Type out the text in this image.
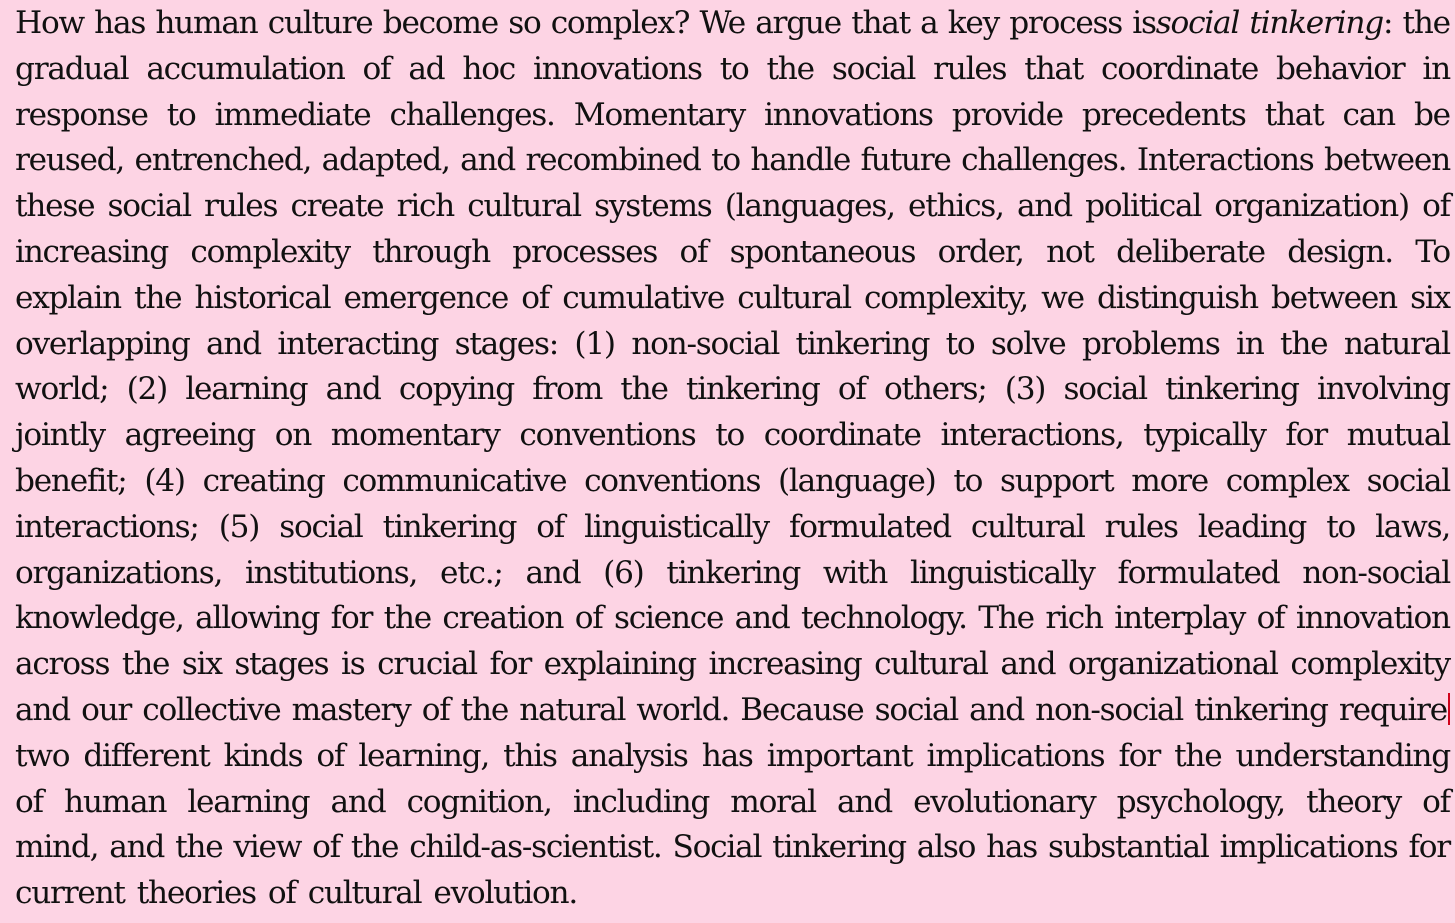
How has human culture become so complex? We argue that a key process issocial tinkering: the
gradual accumulation of ad hoc innovations to the social rules that coordinate behavior in
response to immediate challenges. Momentary innovations provide precedents that can be
reused, entrenched, adapted, and recombined to handle future challenges. Interactions between
these social rules create rich cultural systems (languages, ethics, and political organization) of
increasing complexity through processes of spontaneous order, not deliberate design. To
explain the historical emergence of cumulative cultural complexity, we distinguish between six
overlapping and interacting stages: (1) non-social tinkering to solve problems in the natural
world; (2) learning and copying from the tinkering of others; (3) social tinkering involving
jointly agreeing on momentary conventions to coordinate interactions, typically for mutual
benefit; (4) creating communicative conventions (language) to support more complex social
interactions; (5) social tinkering of linguistically formulated cultural rules leading to laws,
organizations, institutions, etc.; and (6) tinkering with linguistically formulated non-social
knowledge, allowing for the creation of science and technology. The rich interplay of innovation
across the six stages is crucial for explaining increasing cultural and organizational complexity
and our collective mastery of the natural world. Because social and non-social tinkering require
two different kinds of learning, this analysis has important implications for the understanding
of human learning and cognition, including moral and evolutionary psychology, theory of
mind, and the view of the child-as-scientist. Social tinkering also has substantial implications for
current theories of cultural evolution.
